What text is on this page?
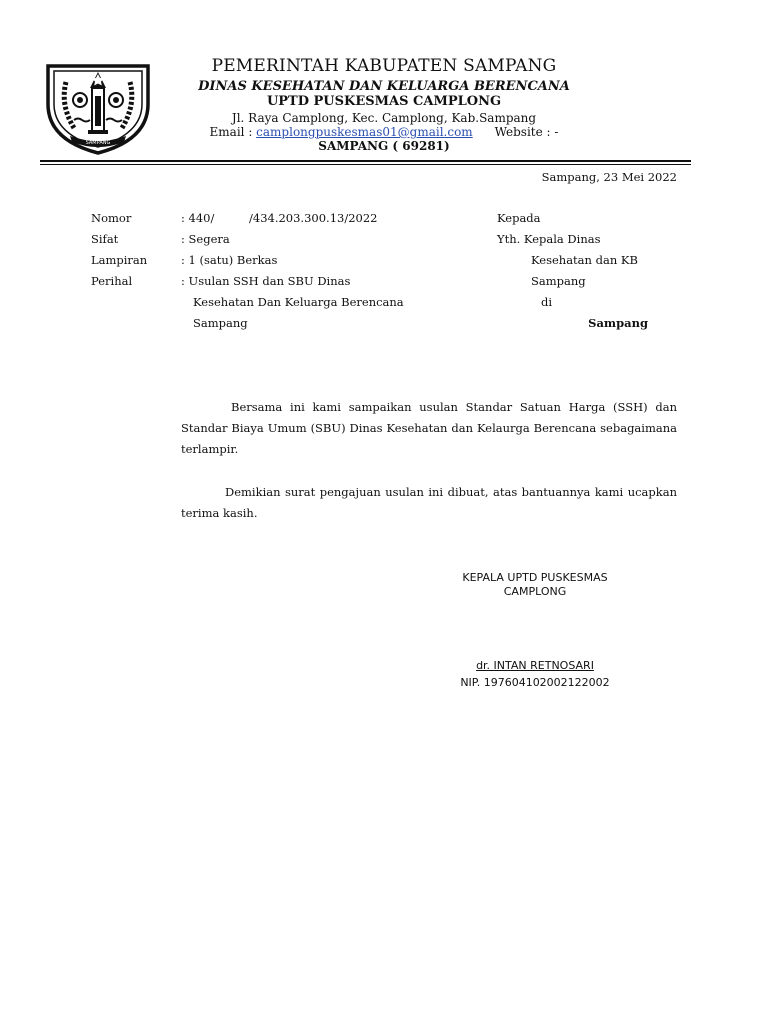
SAMPANG
PEMERINTAH KABUPATEN SAMPANG
DINAS KESEHATAN DAN KELUARGA BERENCANA
UPTD PUSKESMAS CAMPLONG
Jl. Raya Camplong, Kec. Camplong, Kab.Sampang
Email : camplongpuskesmas01@gmail.com Website : -
SAMPANG ( 69281)
Sampang, 23 Mei 2022
Nomor	: 440/	/434.203.300.13/2022
Sifat	: Segera
Lampiran	: 1 (satu) Berkas
Perihal	: Usulan SSH dan SBU Dinas
Kesehatan Dan Keluarga Berencana
Sampang
Kepada
Yth. Kepala Dinas
Kesehatan dan KB
Sampang
di
Sampang

Bersama ini kami sampaikan usulan Standar Satuan Harga (SSH) dan Standar Biaya Umum (SBU) Dinas Kesehatan dan Kelaurga Berencana sebagaimana terlampir.

Demikian surat pengajuan usulan ini dibuat, atas bantuannya kami ucapkan terima kasih.

KEPALA UPTD PUSKESMAS
CAMPLONG
dr. INTAN RETNOSARI
NIP. 197604102002122002
